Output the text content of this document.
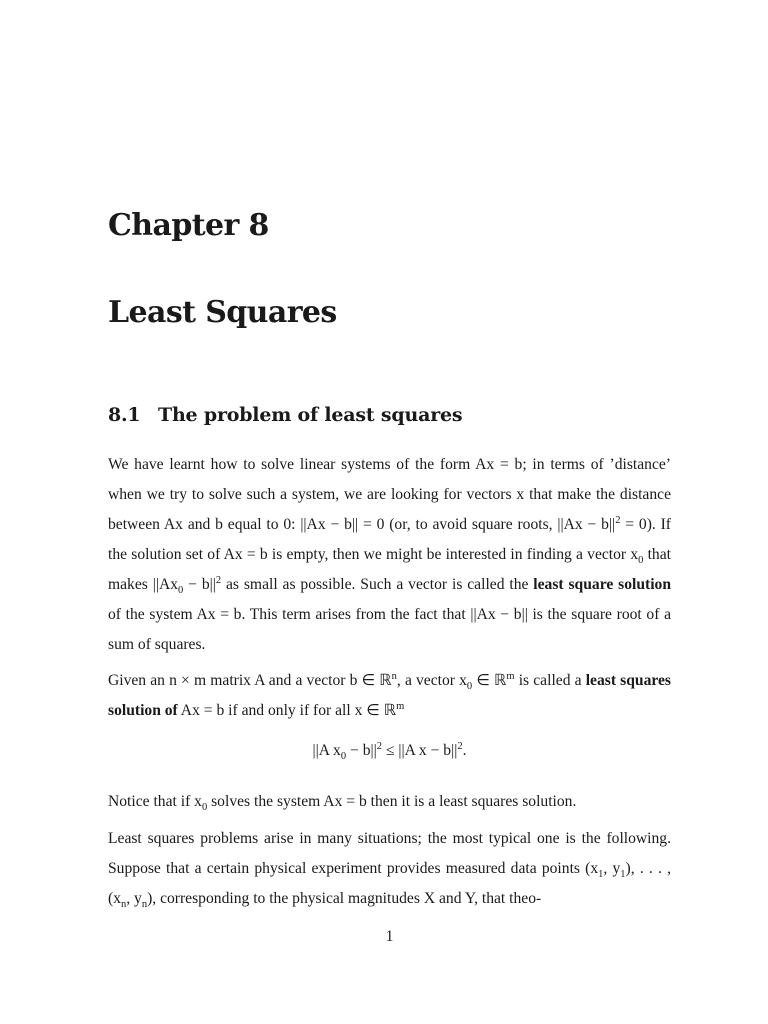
Chapter 8
Least Squares
8.1 The problem of least squares

We have learnt how to solve linear systems of the form Ax = b; in terms of ’distance’ when we try to solve such a system, we are looking for vectors x that make the distance between Ax and b equal to 0: ||Ax − b|| = 0 (or, to avoid square roots, $||Ax - b||^2 = 0$). If the solution set of Ax = b is empty, then we might be interested in finding a vector $x_0$ that makes $||Ax_0 - b||^2$ as small as possible. Such a vector is called the least square solution of the system Ax = b. This term arises from the fact that ||Ax − b|| is the square root of a sum of squares.

Given an n × m matrix A and a vector b ∈ ℝ$^n$, a vector $x_0$ ∈ ℝ$^m$ is called a least squares solution of Ax = b if and only if for all x ∈ ℝ$^m$

||A $x_0 - b||^2 \le ||A$ $x - b||^2$.

Notice that if $x_0$ solves the system Ax = b then it is a least squares solution.

Least squares problems arise in many situations; the most typical one is the following. Suppose that a certain physical experiment provides measured data points ($x_1$, $y_1$), . . . , ($x_n$, $y_n$), corresponding to the physical magnitudes X and Y, that theo-

1
